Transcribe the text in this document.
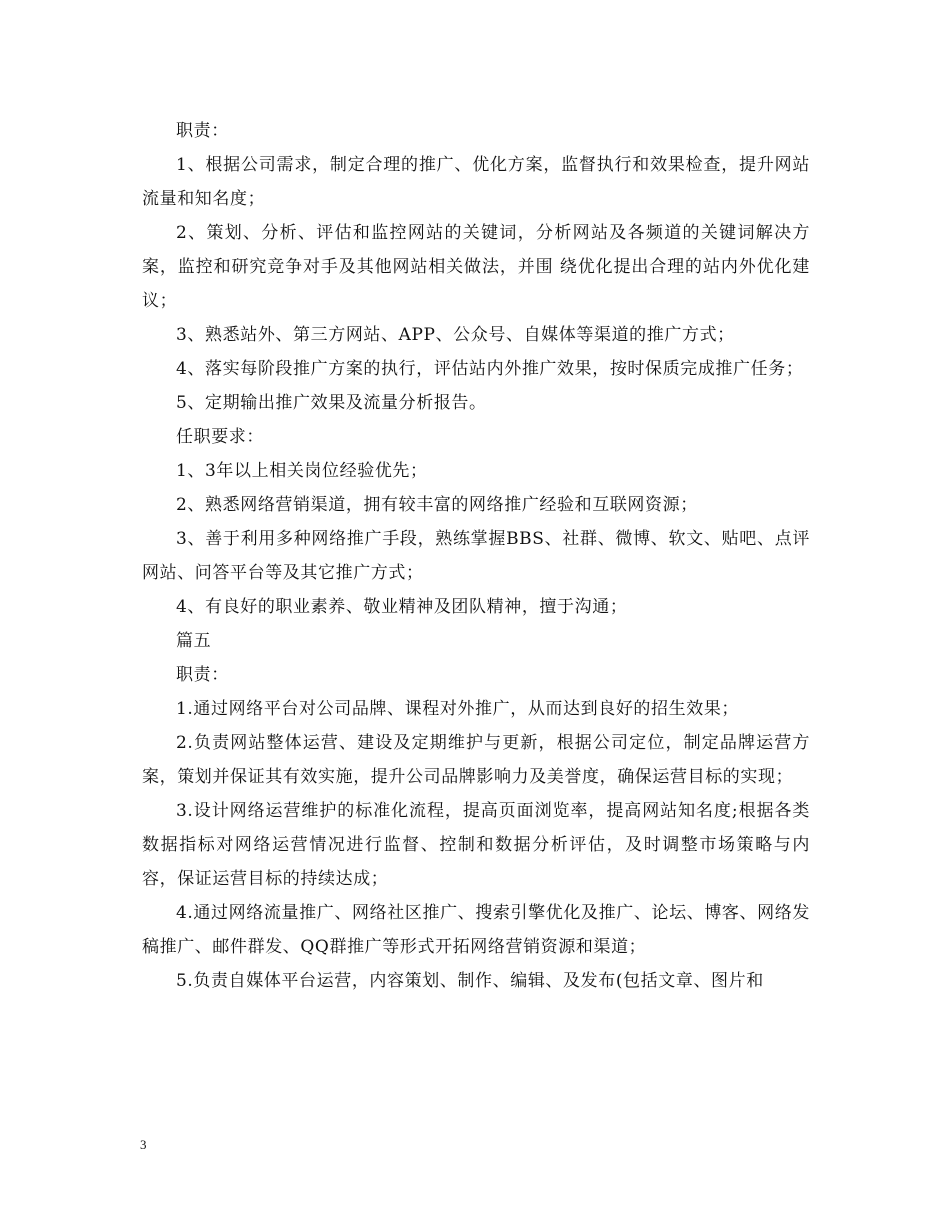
职责：

1、根据公司需求，制定合理的推广、优化方案，监督执行和效果检查，提升网站流量和知名度；

2、策划、分析、评估和监控网站的关键词，分析网站及各频道的关键词解决方案，监控和研究竞争对手及其他网站相关做法，并围 绕优化提出合理的站内外优化建议；

3、熟悉站外、第三方网站、APP、公众号、自媒体等渠道的推广方式；

4、落实每阶段推广方案的执行，评估站内外推广效果，按时保质完成推广任务；

5、定期输出推广效果及流量分析报告。

任职要求：

1、3年以上相关岗位经验优先；

2、熟悉网络营销渠道，拥有较丰富的网络推广经验和互联网资源；

3、善于利用多种网络推广手段，熟练掌握BBS、社群、微博、软文、贴吧、点评网站、问答平台等及其它推广方式；

4、有良好的职业素养、敬业精神及团队精神，擅于沟通；

篇五

职责：

1.通过网络平台对公司品牌、课程对外推广，从而达到良好的招生效果；

2.负责网站整体运营、建设及定期维护与更新，根据公司定位，制定品牌运营方案，策划并保证其有效实施，提升公司品牌影响力及美誉度，确保运营目标的实现；

3.设计网络运营维护的标准化流程，提高页面浏览率，提高网站知名度;根据各类数据指标对网络运营情况进行监督、控制和数据分析评估，及时调整市场策略与内容，保证运营目标的持续达成；

4.通过网络流量推广、网络社区推广、搜索引擎优化及推广、论坛、博客、网络发稿推广、邮件群发、QQ群推广等形式开拓网络营销资源和渠道；

5.负责自媒体平台运营，内容策划、制作、编辑、及发布(包括文章、图片和

3
